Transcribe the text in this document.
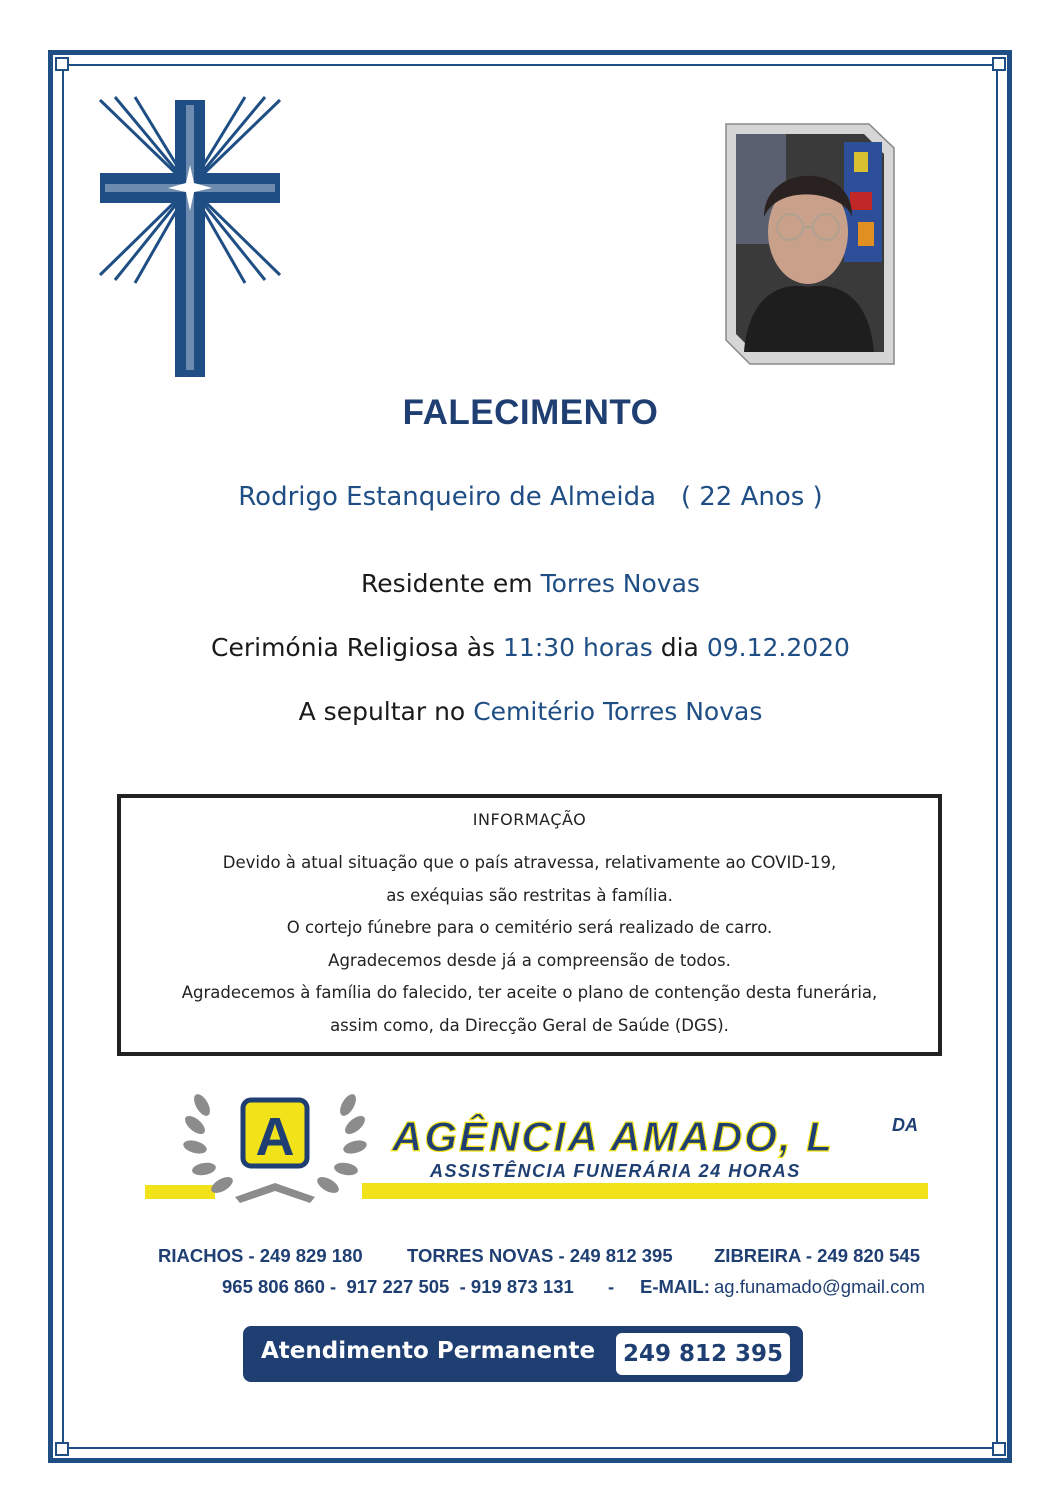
FALECIMENTO
Rodrigo Estanqueiro de Almeida ( 22 Anos )
Residente em Torres Novas
Cerimónia Religiosa às 11:30 horas dia 09.12.2020
A sepultar no Cemitério Torres Novas
INFORMAÇÃO
Devido à atual situação que o país atravessa, relativamente ao COVID-19,
as exéquias são restritas à família.
O cortejo fúnebre para o cemitério será realizado de carro.
Agradecemos desde já a compreensão de todos.
Agradecemos à família do falecido, ter aceite o plano de contenção desta funerária,
assim como, da Direcção Geral de Saúde (DGS).
A AGÊNCIA AMADO, L	DA
ASSISTÊNCIA FUNERÁRIA 24 HORAS
RIACHOS - 249 829 180 TORRES NOVAS - 249 812 395 ZIBREIRA - 249 820 545
965 806 860 -  917 227 505  - 919 873 131 - E-MAIL: ag.funamado@gmail.com
Atendimento Permanente	249 812 395
